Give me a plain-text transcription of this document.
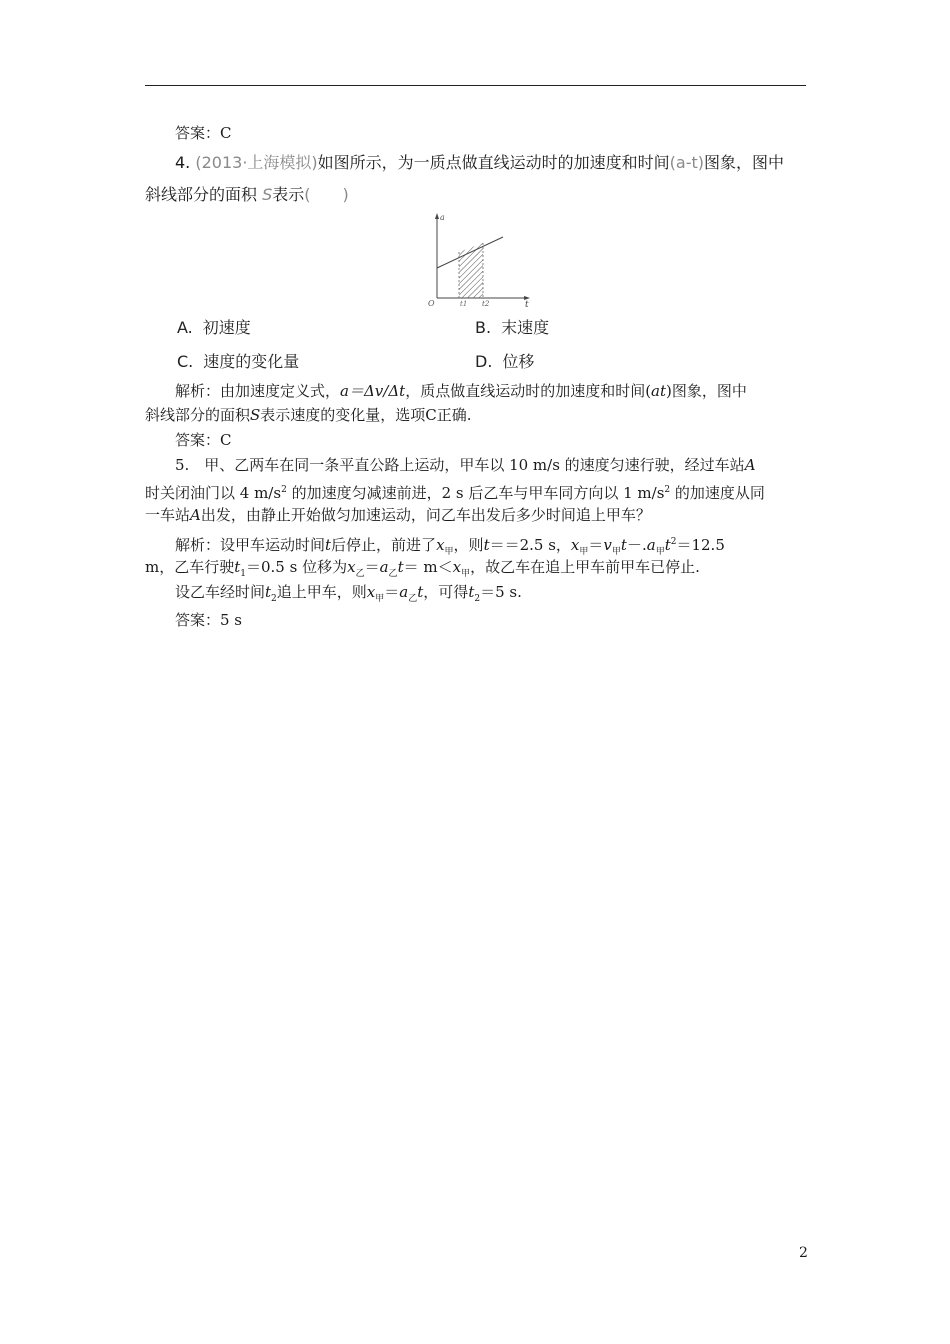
答案：C
4. (2013·上海模拟)如图所示，为一质点做直线运动时的加速度和时间(a-t)图象，图中
斜线部分的面积 S表示(　　)
a
t
O	t1 t2
A. 初速度	B. 末速度
C. 速度的变化量	D. 位移
解析：由加速度定义式，a＝Δv/Δt，质点做直线运动时的加速度和时间(at)图象，图中
斜线部分的面积S表示速度的变化量，选项C正确.
答案：C
5.　甲、乙两车在同一条平直公路上运动，甲车以 10 m/s 的速度匀速行驶，经过车站A
时关闭油门以 4 $m/s^2$ 的加速度匀减速前进，2 s 后乙车与甲车同方向以 1 $m/s^2$ 的加速度从同
一车站A出发，由静止开始做匀加速运动，问乙车出发后多少时间追上甲车？
解析：设甲车运动时间t后停止，前进了$x_甲$，则t＝＝2.5 s，$x_甲=v_甲t-.a_甲t^2=12.5$
m，乙车行驶$t_1=0.5$ s 位移为$x_乙=a_乙t= m<x_甲$，故乙车在追上甲车前甲车已停止.
设乙车经时间$t_2$追上甲车，则$x_甲=a_乙t$，可得$t_2=5$ s.
答案：5 s
2
